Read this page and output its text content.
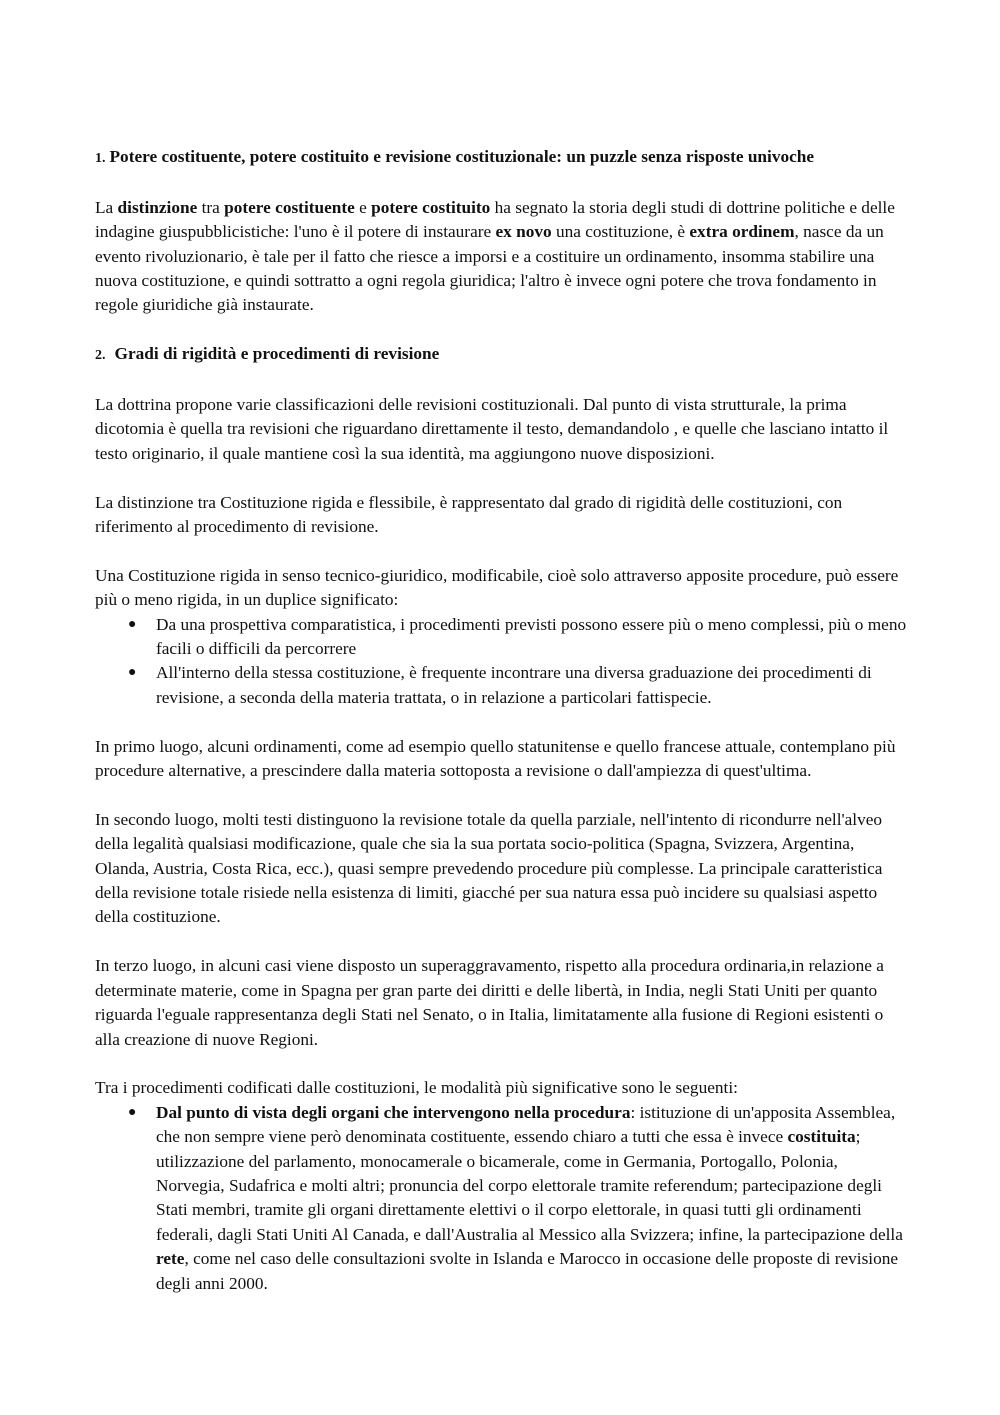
1. Potere costituente, potere costituito e revisione costituzionale: un puzzle senza risposte univoche

La distinzione tra potere costituente e potere costituito ha segnato la storia degli studi di dottrine politiche e delle indagine giuspubblicistiche: l'uno è il potere di instaurare ex novo una costituzione, è extra ordinem, nasce da un evento rivoluzionario, è tale per il fatto che riesce a imporsi e a costituire un ordinamento, insomma stabilire una nuova costituzione, e quindi sottratto a ogni regola giuridica; l'altro è invece ogni potere che trova fondamento in regole giuridiche già instaurate.

2. Gradi di rigidità e procedimenti di revisione

La dottrina propone varie classificazioni delle revisioni costituzionali. Dal punto di vista strutturale, la prima dicotomia è quella tra revisioni che riguardano direttamente il testo, demandandolo , e quelle che lasciano intatto il testo originario, il quale mantiene così la sua identità, ma aggiungono nuove disposizioni.

La distinzione tra Costituzione rigida e flessibile, è rappresentato dal grado di rigidità delle costituzioni, con riferimento al procedimento di revisione.

Una Costituzione rigida in senso tecnico-giuridico, modificabile, cioè solo attraverso apposite procedure, può essere più o meno rigida, in un duplice significato:

● Da una prospettiva comparatistica, i procedimenti previsti possono essere più o meno complessi, più o meno facili o difficili da percorrere
● All'interno della stessa costituzione, è frequente incontrare una diversa graduazione dei procedimenti di revisione, a seconda della materia trattata, o in relazione a particolari fattispecie.

In primo luogo, alcuni ordinamenti, come ad esempio quello statunitense e quello francese attuale, contemplano più procedure alternative, a prescindere dalla materia sottoposta a revisione o dall'ampiezza di quest'ultima.

In secondo luogo, molti testi distinguono la revisione totale da quella parziale, nell'intento di ricondurre nell'alveo della legalità qualsiasi modificazione, quale che sia la sua portata socio-politica (Spagna, Svizzera, Argentina, Olanda, Austria, Costa Rica, ecc.), quasi sempre prevedendo procedure più complesse. La principale caratteristica della revisione totale risiede nella esistenza di limiti, giacché per sua natura essa può incidere su qualsiasi aspetto della costituzione.

In terzo luogo, in alcuni casi viene disposto un superaggravamento, rispetto alla procedura ordinaria,in relazione a determinate materie, come in Spagna per gran parte dei diritti e delle libertà, in India, negli Stati Uniti per quanto riguarda l'eguale rappresentanza degli Stati nel Senato, o in Italia, limitatamente alla fusione di Regioni esistenti o alla creazione di nuove Regioni.

Tra i procedimenti codificati dalle costituzioni, le modalità più significative sono le seguenti:

● Dal punto di vista degli organi che intervengono nella procedura: istituzione di un'apposita Assemblea, che non sempre viene però denominata costituente, essendo chiaro a tutti che essa è invece costituita; utilizzazione del parlamento, monocamerale o bicamerale, come in Germania, Portogallo, Polonia, Norvegia, Sudafrica e molti altri; pronuncia del corpo elettorale tramite referendum; partecipazione degli Stati membri, tramite gli organi direttamente elettivi o il corpo elettorale, in quasi tutti gli ordinamenti federali, dagli Stati Uniti Al Canada, e dall'Australia al Messico alla Svizzera; infine, la partecipazione della rete, come nel caso delle consultazioni svolte in Islanda e Marocco in occasione delle proposte di revisione degli anni 2000.
